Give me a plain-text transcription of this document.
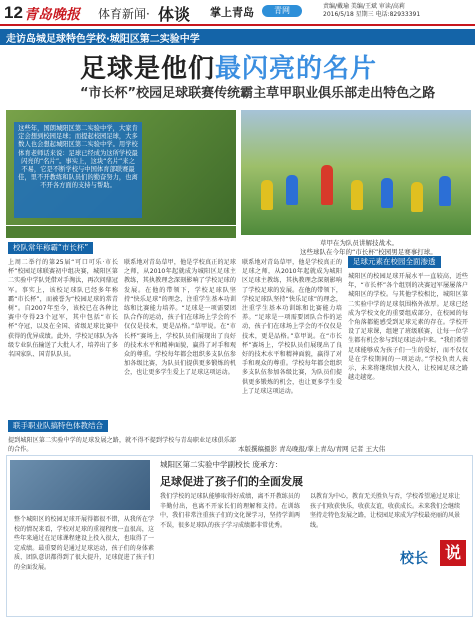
12 青岛晚报 体育新闻· 体谈 掌上青岛	青网	责编/戴瑜 美编/王斌 审读/高莉
2016/5/18 星期三 电话:82933391
走访岛城足球特色学校·城阳区第二实验中学
足球是他们最闪亮的名片
“市长杯”校园足球联赛传统霸主草甲职业俱乐部走出特色之路
这些年，国朗城阳区第二实验中学，大家肯定会想到校园足球；而提起校园足球，大多数人也会想起城阳区第二实验中学。用学校体育老师话来说：足球已经成为这所学校最闪亮的“名片”。事实上，这块“名片”来之不易，它是不断学校与中国体育部联赛最佳，里不开教练和队员们的勤奋努力，也离不开各方面的支持与帮助。
草甲在为队员讲解技战术。
这些球队在今年的“市长杯”校园男足赛事打球。
校队常年称霸“市长杯”
上周二举行的第25届“可口可乐·市长杯”校园足球联赛初中组决赛，城阳区第二实验中学队凭借对手淘汰，再次问鼎冠军。事实上，该校足球队已经多年称霸“市长杯”，而被誉为“校园足球的常青树”。自2007年至今，该校已在各种比赛中夺得23个冠军，其中包括“市长杯”夺冠，以及在全国、省级足球比赛中获得的优异成绩。此外，学校足球队为各级专业队伍输送了大批人才，培养出了多名国家队、国青队队员。
联手职业队搞特色体教结合
提到城阳区第二实验中学的足球发展之路，就不得不提到学校与青岛职业足球俱乐部的合作。
联系地对青岛草甲，他是学校真正的足球之师，从2010年起就成为城阳区足球主教练，其执教理念深刻影响了学校足球的发展。在他的带领下，学校足球队坚持“快乐足球”的理念，注重学生基本功训练和比赛能力培养。“足球是一项需要团队合作的运动，孩子们在球场上学会的不仅仅是技术，更是品格。”草甲说。在“市长杯”赛场上，学校队员们展现出了良好的技术水平和精神面貌，赢得了对手和观众的尊重。学校每年都会组织多支队伍参加各级比赛，为队员们提供更多锻炼的机会，也让更多学生爱上了足球这项运动。
联系地对青岛草甲，他是学校真正的足球之师，从2010年起就成为城阳区足球主教练，其执教理念深刻影响了学校足球的发展。在他的带领下，学校足球队坚持“快乐足球”的理念，注重学生基本功训练和比赛能力培养。“足球是一项需要团队合作的运动，孩子们在球场上学会的不仅仅是技术，更是品格。”草甲说。在“市长杯”赛场上，学校队员们展现出了良好的技术水平和精神面貌，赢得了对手和观众的尊重。学校每年都会组织多支队伍参加各级比赛，为队员们提供更多锻炼的机会，也让更多学生爱上了足球这项运动。
足球元素在校园全面渗透
城阳区的校园足球开展水平一直较高，近些年，“市长杯”各个组别的决赛冠军屡屡落户城阳区的学校。与其他学校相比，城阳区第二实验中学的足球氛围格外浓厚。足球已经成为学校文化的重要组成部分，在校园的每个角落都能感受到足球元素的存在。学校开设了足球课，组建了班级联赛，让每一位学生都有机会参与到足球运动中来。“我们希望足球能够成为孩子们一生的爱好，而不仅仅是在学校期间的一项运动。”学校负责人表示，未来将继续加大投入，让校园足球之路越走越宽。
本版撰稿摄影 青岛晚报/掌上青岛/青网 记者 王大伟
城阳区第二实验中学副校长 庞承方：
足球促进了孩子们的全面发展
整个城阳区的校园足球开展得都很不错，从我所在学校的情况来看，学校对足球的重视程度一直很高，这些年来通过在足球课程建设上投入很大，也取得了一定成绩。最重要的是通过足球运动，孩子们的身体素质、团队意识都得到了很大提升，足球促进了孩子们的全面发展。
我们学校的足球队能够取得好成绩，离不开教练员的辛勤付出，也离不开家长们的理解和支持。在训练中，我们非常注重孩子们的文化课学习，坚持学训两不误，很多足球队的孩子学习成绩都非常优秀。
以教育为中心，教育无关胜负与否，学校希望通过足球让孩子们收获快乐，收获友谊，收获成长。未来我们会继续坚持走特色发展之路，让校园足球成为学校最亮丽的风景线。
校长	说
